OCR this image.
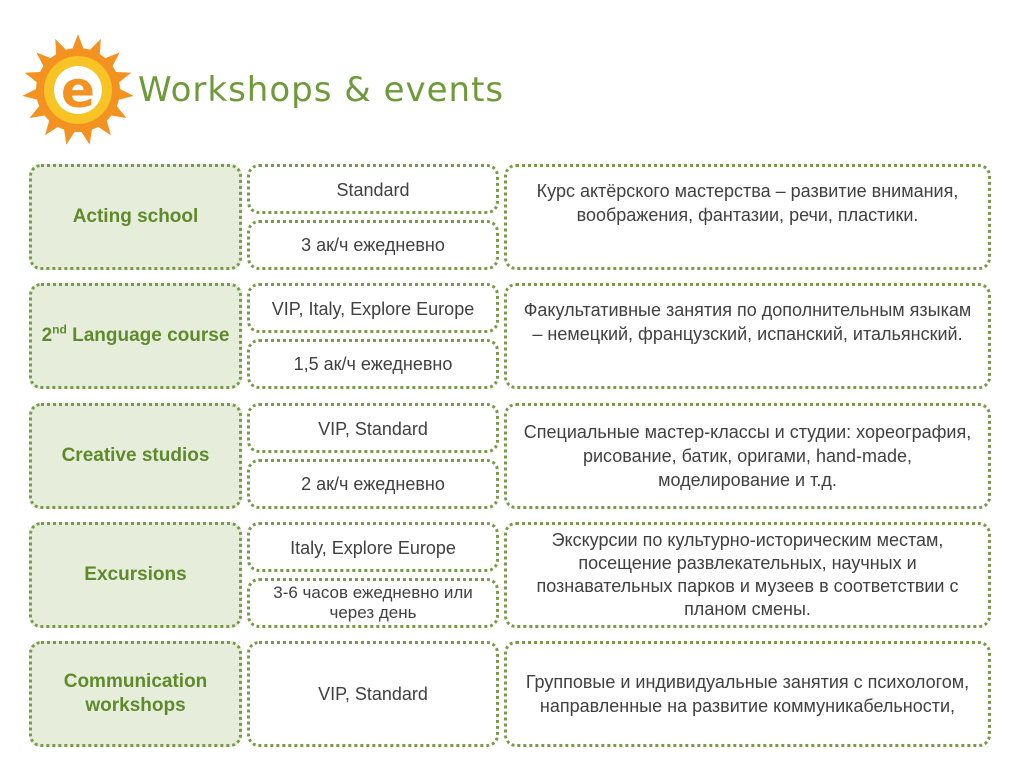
e Workshops & events
Acting school
Standard
3 ак/ч ежедневно
Курс актёрского мастерства – развитие внимания, воображения, фантазии, речи, пластики.
2nd Language course
VIP, Italy, Explore Europe
1,5 ак/ч ежедневно
Факультативные занятия по дополнительным языкам – немецкий, французский, испанский, итальянский.
Creative studios
VIP, Standard
2 ак/ч ежедневно
Специальные мастер-классы и студии: хореография, рисование, батик, оригами, hand-made, моделирование и т.д.
Excursions
Italy, Explore Europe
3-6 часов ежедневно или через день
Экскурсии по культурно-историческим местам, посещение развлекательных, научных и познавательных парков и музеев в соответствии с планом смены.
Communication workshops
VIP, Standard
Групповые и индивидуальные занятия с психологом, направленные на развитие коммуникабельности,
